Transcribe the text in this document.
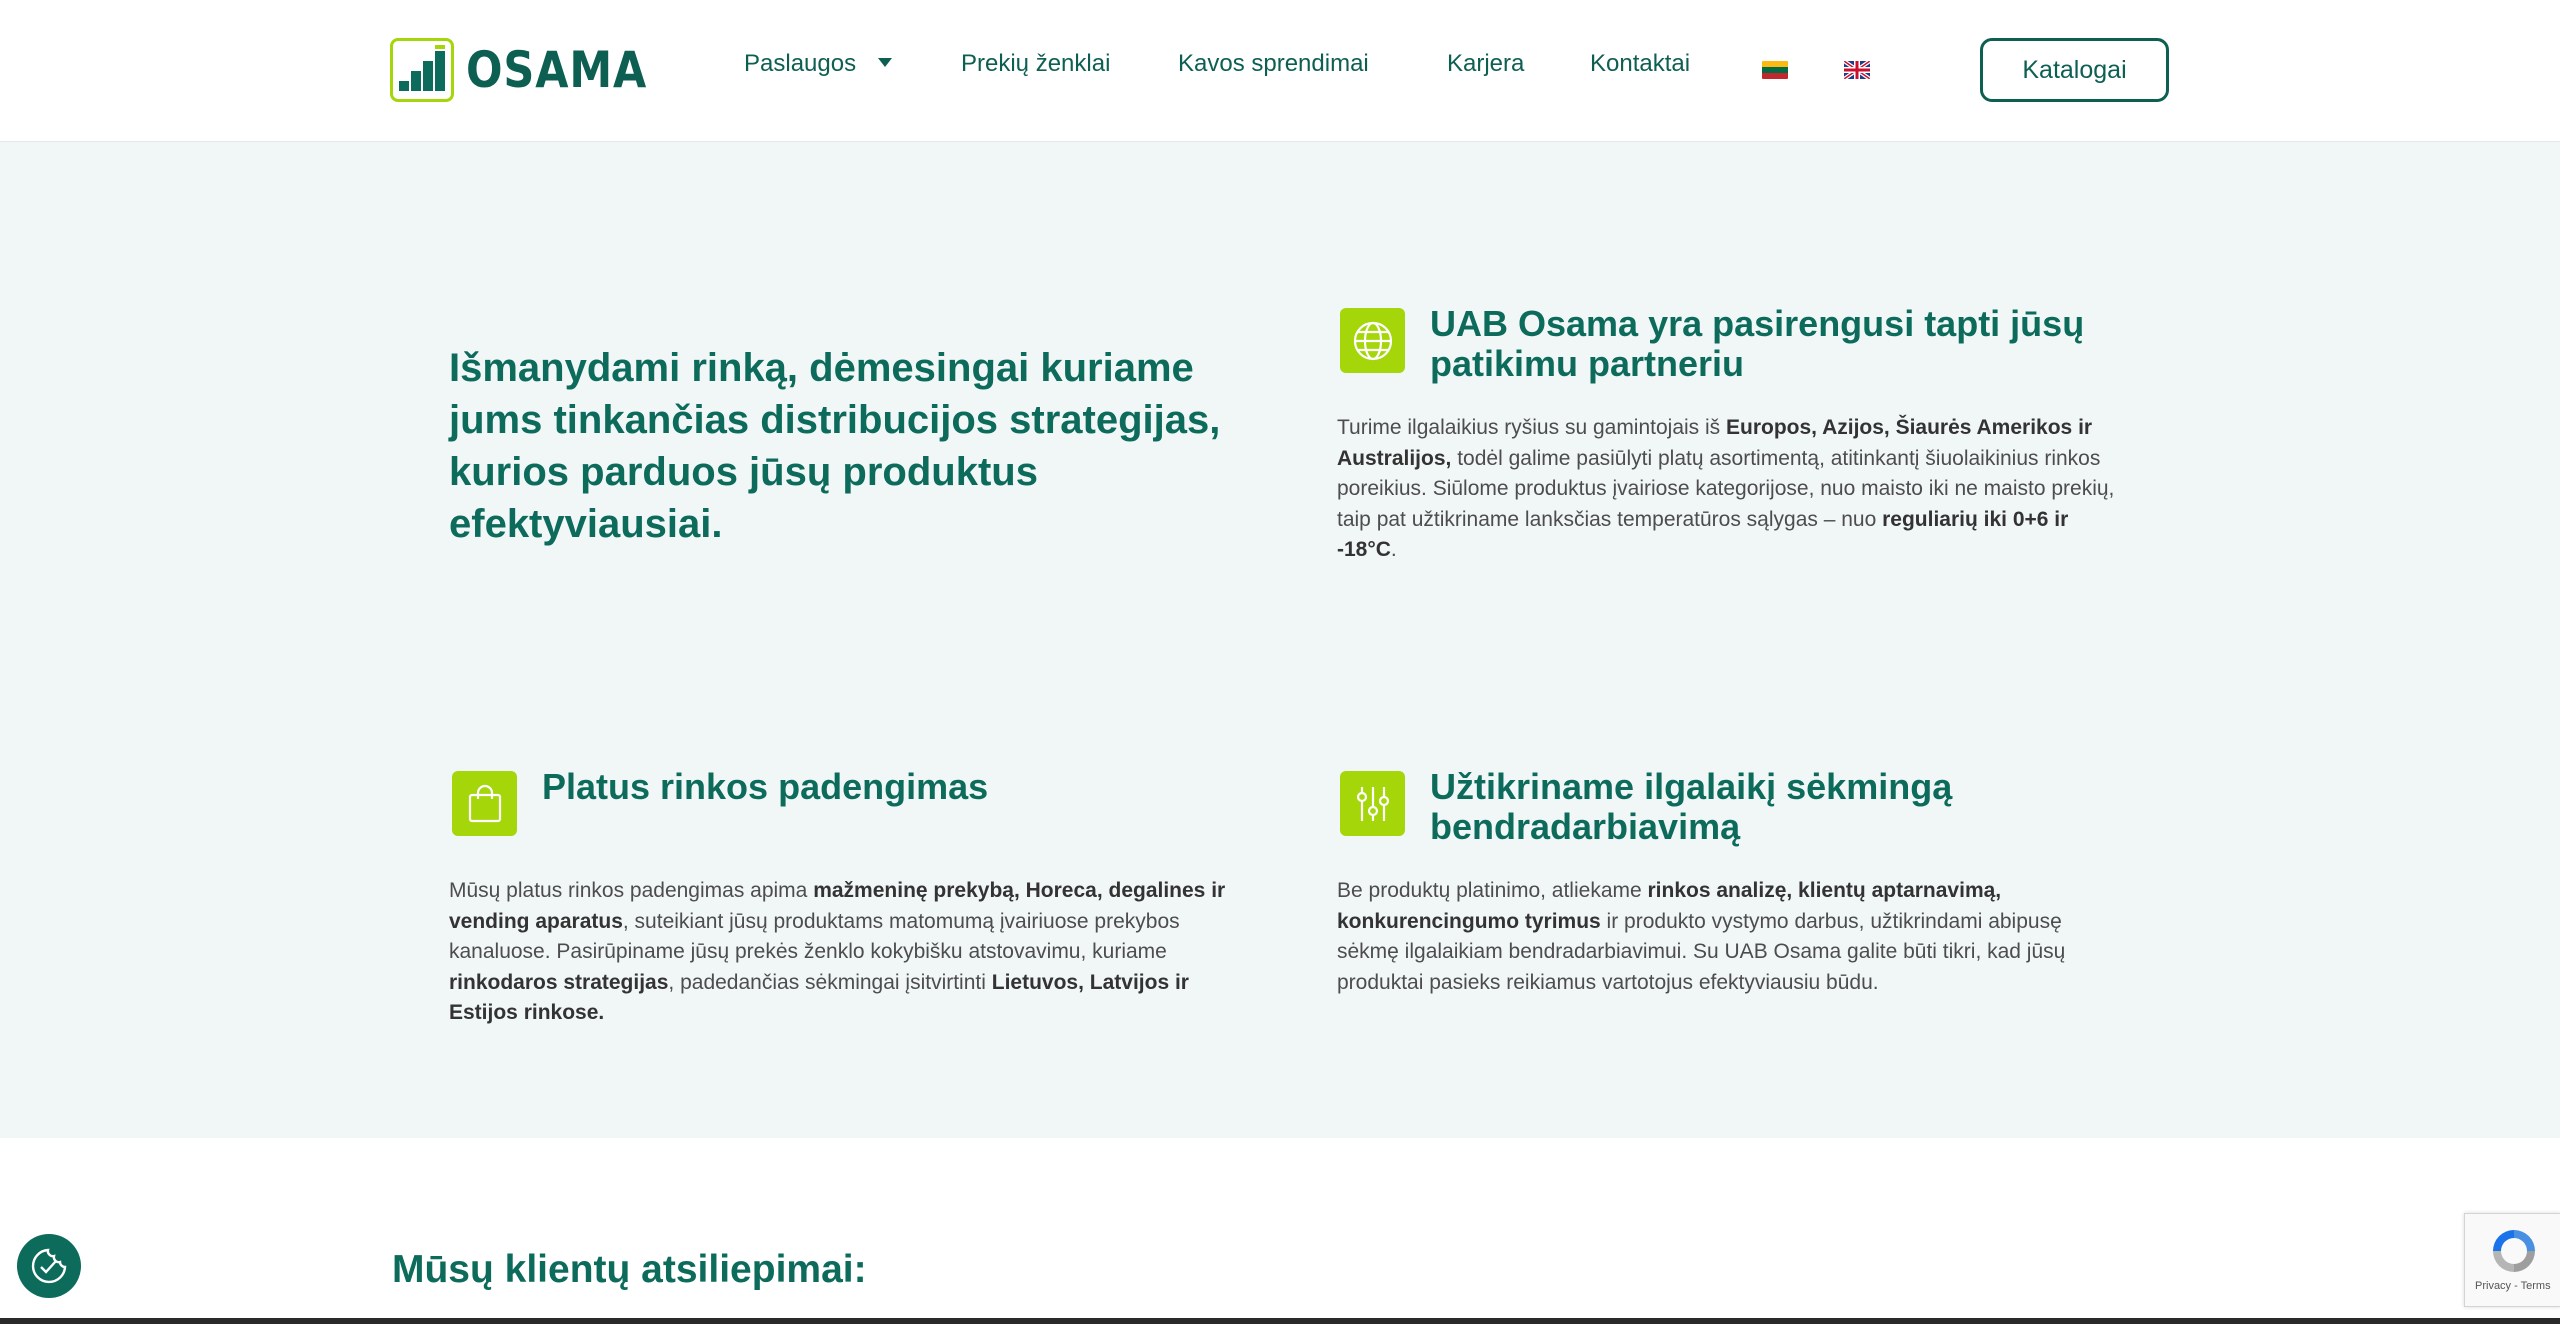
OSAMA	Paslaugos	Prekių ženklai	Kavos sprendimai	Karjera	Kontaktai	Katalogai
Išmanydami rinką, dėmesingai kuriame jums tinkančias distribucijos strategijas, kurios parduos jūsų produktus efektyviausiai.
UAB Osama yra pasirengusi tapti jūsų patikimu partneriu
Turime ilgalaikius ryšius su gamintojais iš Europos, Azijos, Šiaurės Amerikos ir Australijos, todėl galime pasiūlyti platų asortimentą, atitinkantį šiuolaikinius rinkos poreikius. Siūlome produktus įvairiose kategorijose, nuo maisto iki ne maisto prekių, taip pat užtikriname lanksčias temperatūros sąlygas – nuo reguliarių iki 0+6 ir -18°C.
Platus rinkos padengimas
Mūsų platus rinkos padengimas apima mažmeninę prekybą, Horeca, degalines ir vending aparatus, suteikiant jūsų produktams matomumą įvairiuose prekybos kanaluose. Pasirūpiname jūsų prekės ženklo kokybišku atstovavimu, kuriame rinkodaros strategijas, padedančias sėkmingai įsitvirtinti Lietuvos, Latvijos ir Estijos rinkose.
Užtikriname ilgalaikį sėkmingą bendradarbiavimą
Be produktų platinimo, atliekame rinkos analizę, klientų aptarnavimą, konkurencingumo tyrimus ir produkto vystymo darbus, užtikrindami abipusę sėkmę ilgalaikiam bendradarbiavimui. Su UAB Osama galite būti tikri, kad jūsų produktai pasieks reikiamus vartotojus efektyviausiu būdu.
Mūsų klientų atsiliepimai:	Privacy - Terms
